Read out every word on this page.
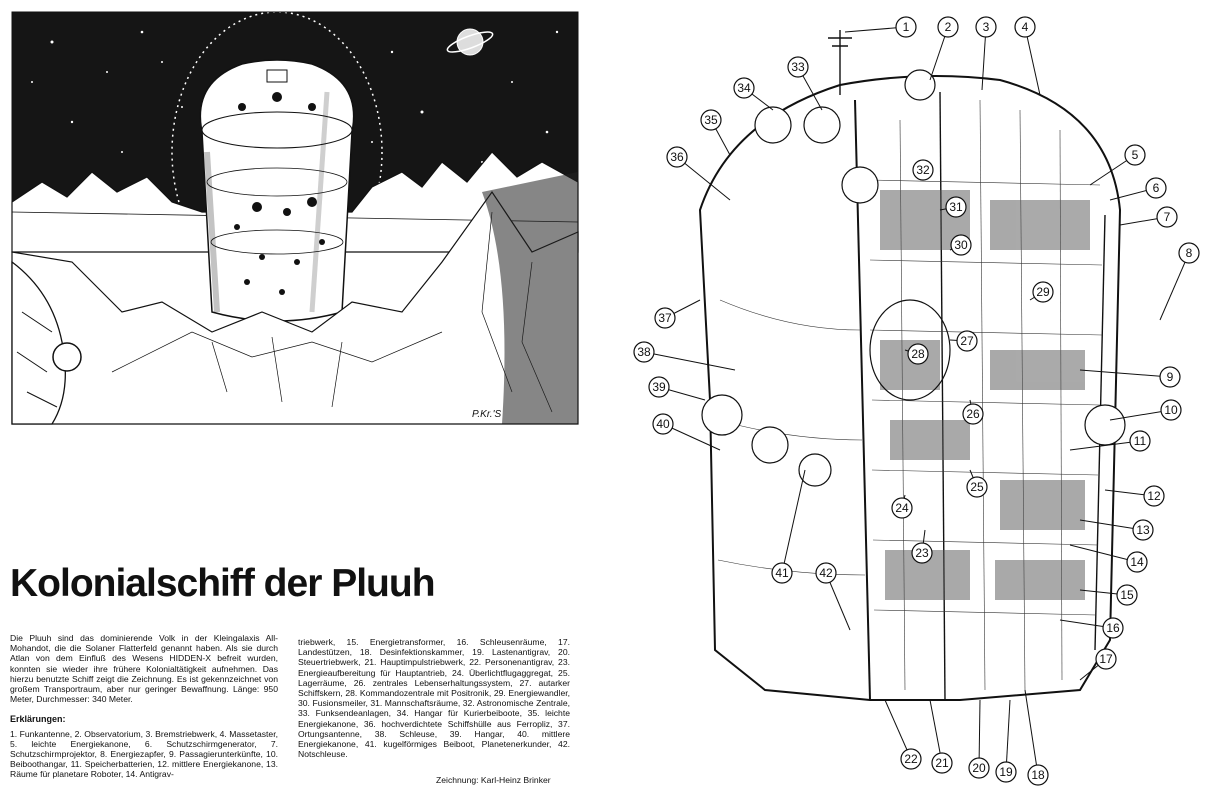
P.Kr.'S
Kolonialschiff der Pluuh

Die Pluuh sind das dominierende Volk in der Kleingalaxis All-Mohandot, die die Solaner Flatterfeld genannt haben. Als sie durch Atlan von dem Einfluß des Wesens HIDDEN-X befreit wurden, konnten sie wieder ihre frühere Kolonialtätigkeit aufnehmen. Das hierzu benutzte Schiff zeigt die Zeichnung. Es ist gekennzeichnet von großem Transportraum, aber nur geringer Bewaffnung. Länge: 950 Meter, Durchmesser: 340 Meter.

Erklärungen:

1. Funkantenne, 2. Observatorium, 3. Bremstriebwerk, 4. Massetaster, 5. leichte Energiekanone, 6. Schutzschirmgenerator, 7. Schutzschirmprojektor, 8. Energiezapfer, 9. Passagierunterkünfte, 10. Beiboothangar, 11. Speicherbatterien, 12. mittlere Energiekanone, 13. Räume für planetare Roboter, 14. Antigrav-

triebwerk, 15. Energietransformer, 16. Schleusenräume, 17. Landestützen, 18. Desinfektionskammer, 19. Lastenantigrav, 20. Steuertriebwerk, 21. Hauptimpulstriebwerk, 22. Personenantigrav, 23. Energieaufbereitung für Hauptantrieb, 24. Überlichtflugaggregat, 25. Lagerräume, 26. zentrales Lebenserhaltungssystem, 27. autarker Schiffskern, 28. Kommandozentrale mit Positronik, 29. Energiewandler, 30. Fusionsmeiler, 31. Mannschaftsräume, 32. Astronomische Zentrale, 33. Funksendeanlagen, 34. Hangar für Kurierbeiboote, 35. leichte Energiekanone, 36. hochverdichtete Schiffshülle aus Ferropliz, 37. Ortungsantenne, 38. Schleuse, 39. Hangar, 40. mittlere Energiekanone, 41. kugelförmiges Beiboot, Planetenerkunder, 42. Notschleuse.

Zeichnung: Karl-Heinz Brinker
1	2	3	4
5
6
7
8
9
10
11
12
13
14
15
16
17
18
19
20
21
22
23
24
25
26
27
28
29
30
31
32
33
34
35
36
37
38
39
40
41	42
